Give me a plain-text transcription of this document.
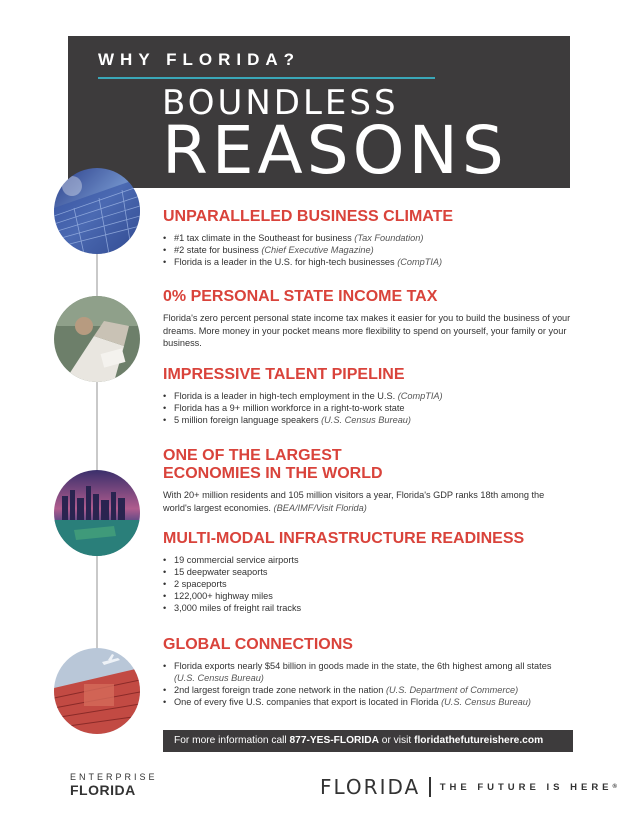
WHY FLORIDA?
BOUNDLESS
REASONS
UNPARALLELED BUSINESS CLIMATE
• #1 tax climate in the Southeast for business (Tax Foundation)
• #2 state for business (Chief Executive Magazine)
• Florida is a leader in the U.S. for high-tech businesses (CompTIA)
0% PERSONAL STATE INCOME TAX

Florida's zero percent personal state income tax makes it easier for you to build the business of your dreams. More money in your pocket means more flexibility to spend on yourself, your family or your business.

IMPRESSIVE TALENT PIPELINE
• Florida is a leader in high-tech employment in the U.S. (CompTIA)
• Florida has a 9+ million workforce in a right-to-work state
• 5 million foreign language speakers (U.S. Census Bureau)
ONE OF THE LARGEST
ECONOMIES IN THE WORLD

With 20+ million residents and 105 million visitors a year, Florida's GDP ranks 18th among the world's largest economies. (BEA/IMF/Visit Florida)

MULTI-MODAL INFRASTRUCTURE READINESS
• 19 commercial service airports
• 15 deepwater seaports
• 2 spaceports
• 122,000+ highway miles
• 3,000 miles of freight rail tracks
GLOBAL CONNECTIONS
• Florida exports nearly $54 billion in goods made in the state, the 6th highest among all states (U.S. Census Bureau)
• 2nd largest foreign trade zone network in the nation (U.S. Department of Commerce)
• One of every five U.S. companies that export is located in Florida (U.S. Census Bureau)
For more information call 877-YES-FLORIDA or visit floridathefutureishere.com
ENTERPRISE
FLORIDA	FLORIDA THE FUTURE IS HERE ®
